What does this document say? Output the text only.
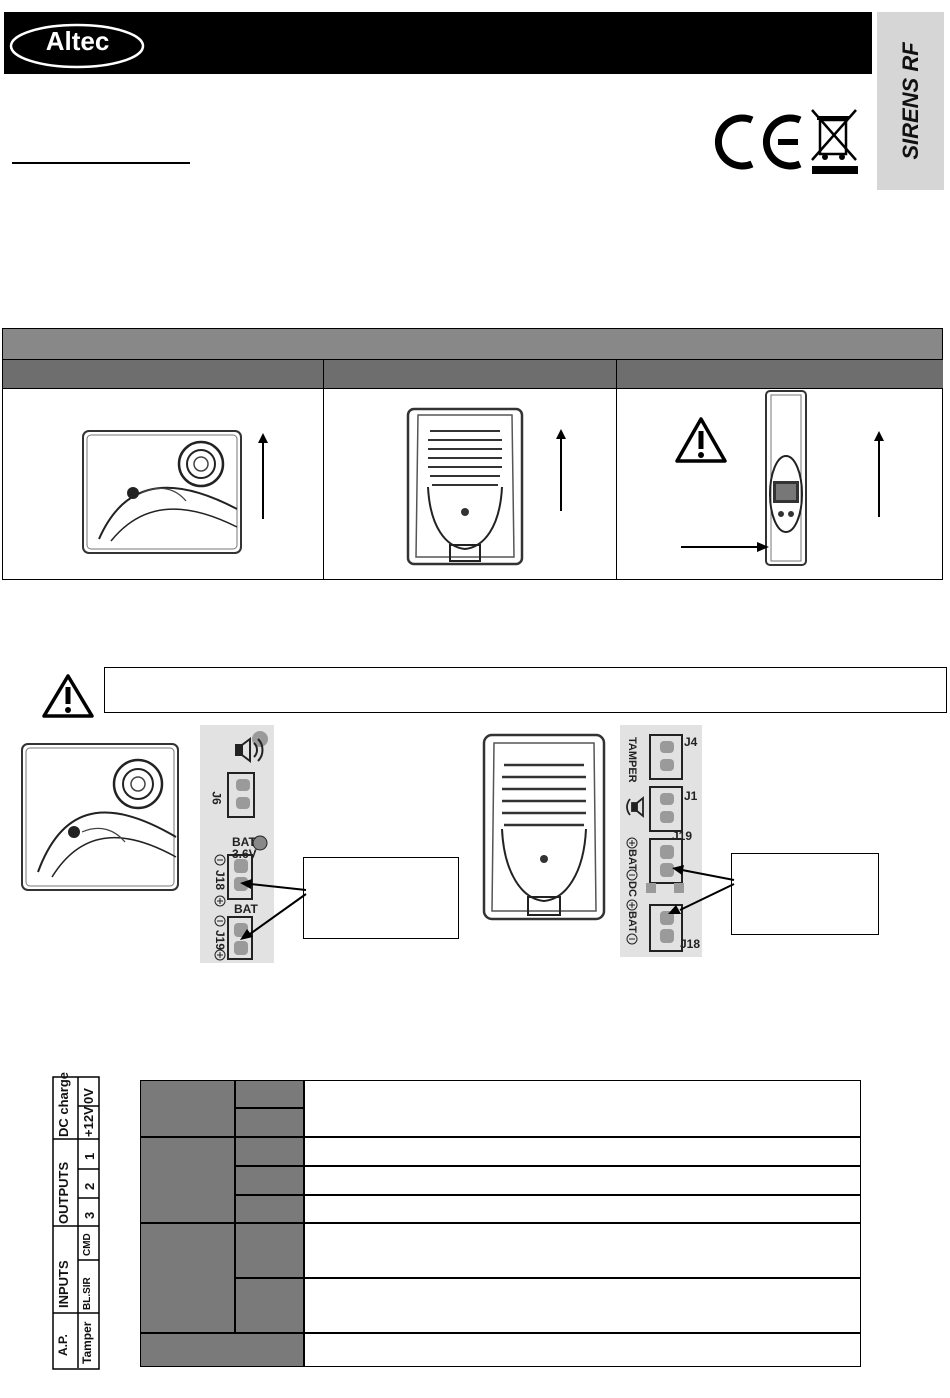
Altec
SIRENS RF
BAT
3.6V
BAT
J18
J19
J6
J4
J1
J19
J18
TAMPER
BAT
DC
BAT
DC charge 0V
+12V
OUTPUTS
1
2
3
INPUTS
CMD
BL.SIR
A.P. Tamper
